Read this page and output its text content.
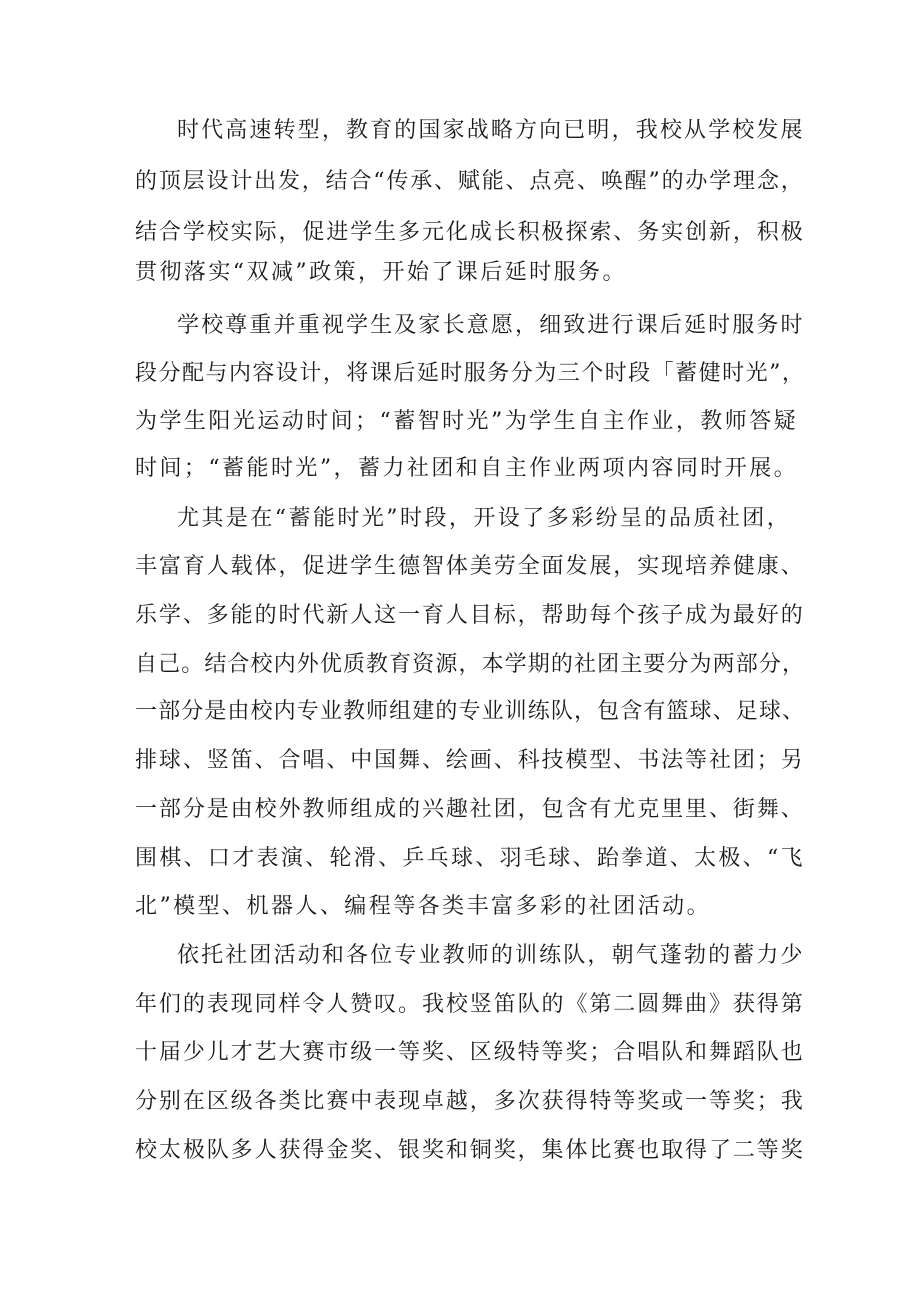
时代高速转型，教育的国家战略方向已明，我校从学校发展
的顶层设计出发，结合“传承、赋能、点亮、唤醒”的办学理念，
结合学校实际，促进学生多元化成长积极探索、务实创新，积极
贯彻落实“双减”政策，开始了课后延时服务。
学校尊重并重视学生及家长意愿，细致进行课后延时服务时
段分配与内容设计，将课后延时服务分为三个时段「蓄健时光”，
为学生阳光运动时间；“蓄智时光”为学生自主作业，教师答疑
时间；“蓄能时光”，蓄力社团和自主作业两项内容同时开展。
尤其是在“蓄能时光”时段，开设了多彩纷呈的品质社团，
丰富育人载体，促进学生德智体美劳全面发展，实现培养健康、
乐学、多能的时代新人这一育人目标，帮助每个孩子成为最好的
自己。结合校内外优质教育资源，本学期的社团主要分为两部分，
一部分是由校内专业教师组建的专业训练队，包含有篮球、足球、
排球、竖笛、合唱、中国舞、绘画、科技模型、书法等社团；另
一部分是由校外教师组成的兴趣社团，包含有尤克里里、街舞、
围棋、口才表演、轮滑、乒乓球、羽毛球、跆拳道、太极、“飞
北”模型、机器人、编程等各类丰富多彩的社团活动。
依托社团活动和各位专业教师的训练队，朝气蓬勃的蓄力少
年们的表现同样令人赞叹。我校竖笛队的《第二圆舞曲》获得第
十届少儿才艺大赛市级一等奖、区级特等奖；合唱队和舞蹈队也
分别在区级各类比赛中表现卓越，多次获得特等奖或一等奖；我
校太极队多人获得金奖、银奖和铜奖，集体比赛也取得了二等奖
